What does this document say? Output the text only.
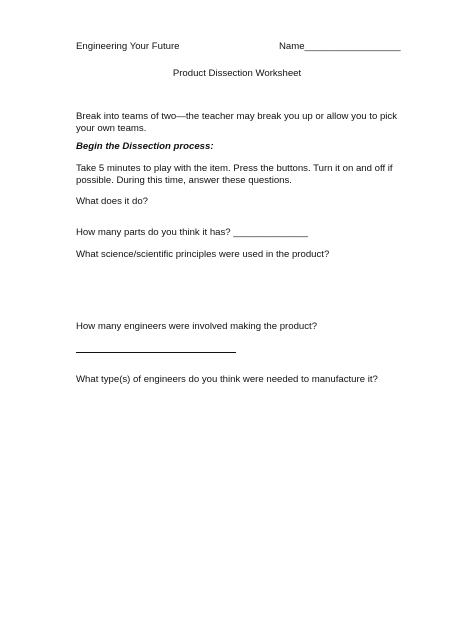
Engineering Your Future	Name__________________
Product Dissection Worksheet
Break into teams of two—the teacher may break you up or allow you to pick your own teams.
Begin the Dissection process:
Take 5 minutes to play with the item. Press the buttons. Turn it on and off if possible. During this time, answer these questions.
What does it do?
How many parts do you think it has? ______________
What science/scientific principles were used in the product?
How many engineers were involved making the product?
What type(s) of engineers do you think were needed to manufacture it?
